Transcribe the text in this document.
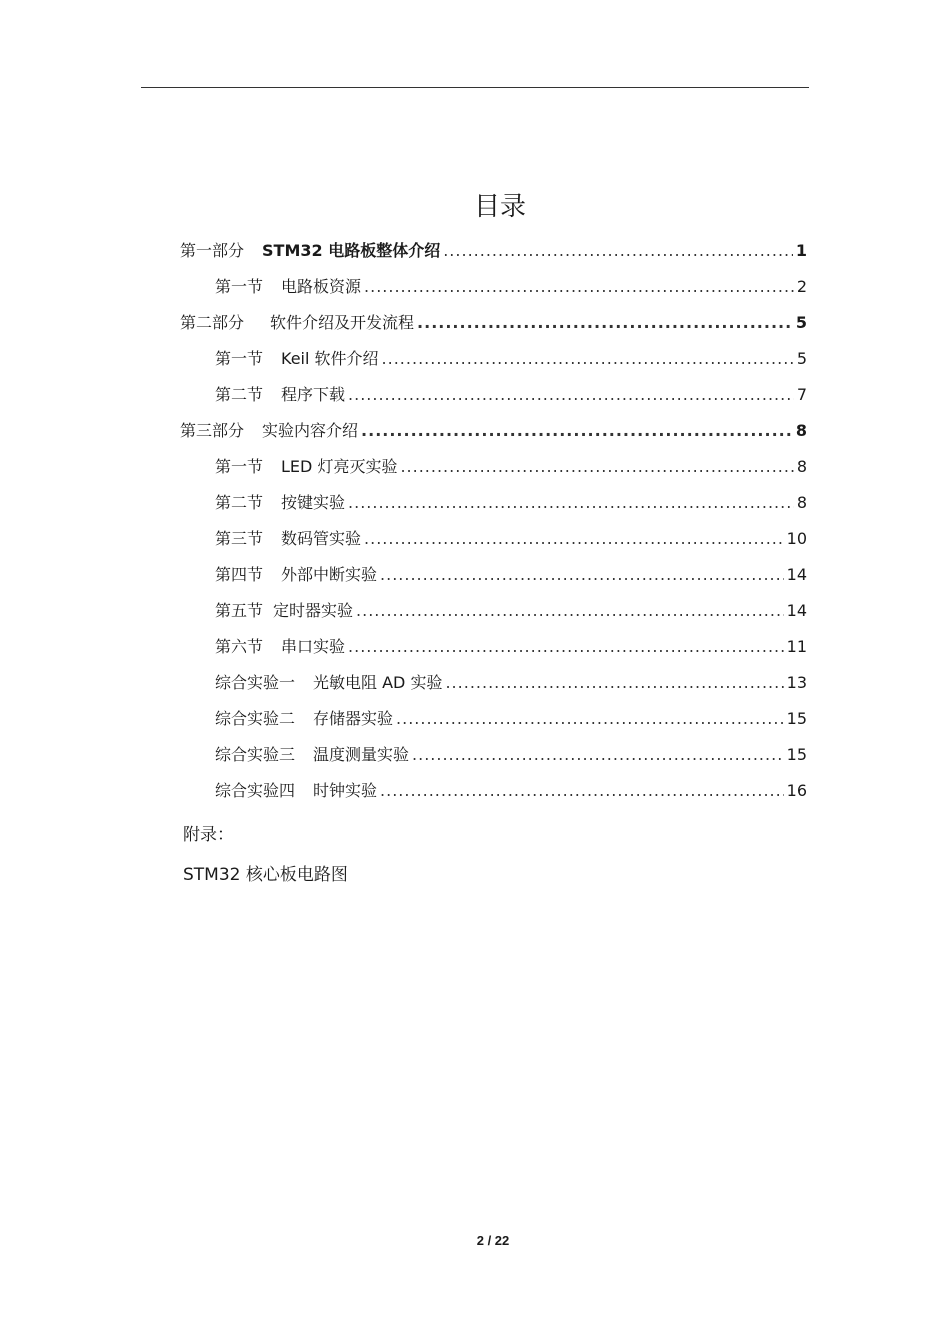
目录
第一部分 STM32 电路板整体介绍 .....	1
第一节 电路板资源 .....	2
第二部分 软件介绍及开发流程 .....	5
第一节 Keil 软件介绍 .....	5
第二节 程序下载 .....	7
第三部分 实验内容介绍 .....	8
第一节 LED 灯亮灭实验 .....	8
第二节 按键实验 .....	8
第三节 数码管实验 .....	10
第四节 外部中断实验 .....	14
第五节 定时器实验 .....	14
第六节 串口实验 .....	11
综合实验一 光敏电阻 AD 实验 .....	13
综合实验二 存储器实验 .....	15
综合实验三 温度测量实验 .....	15
综合实验四 时钟实验 .....	16
附录：
STM32 核心板电路图
2 / 22
